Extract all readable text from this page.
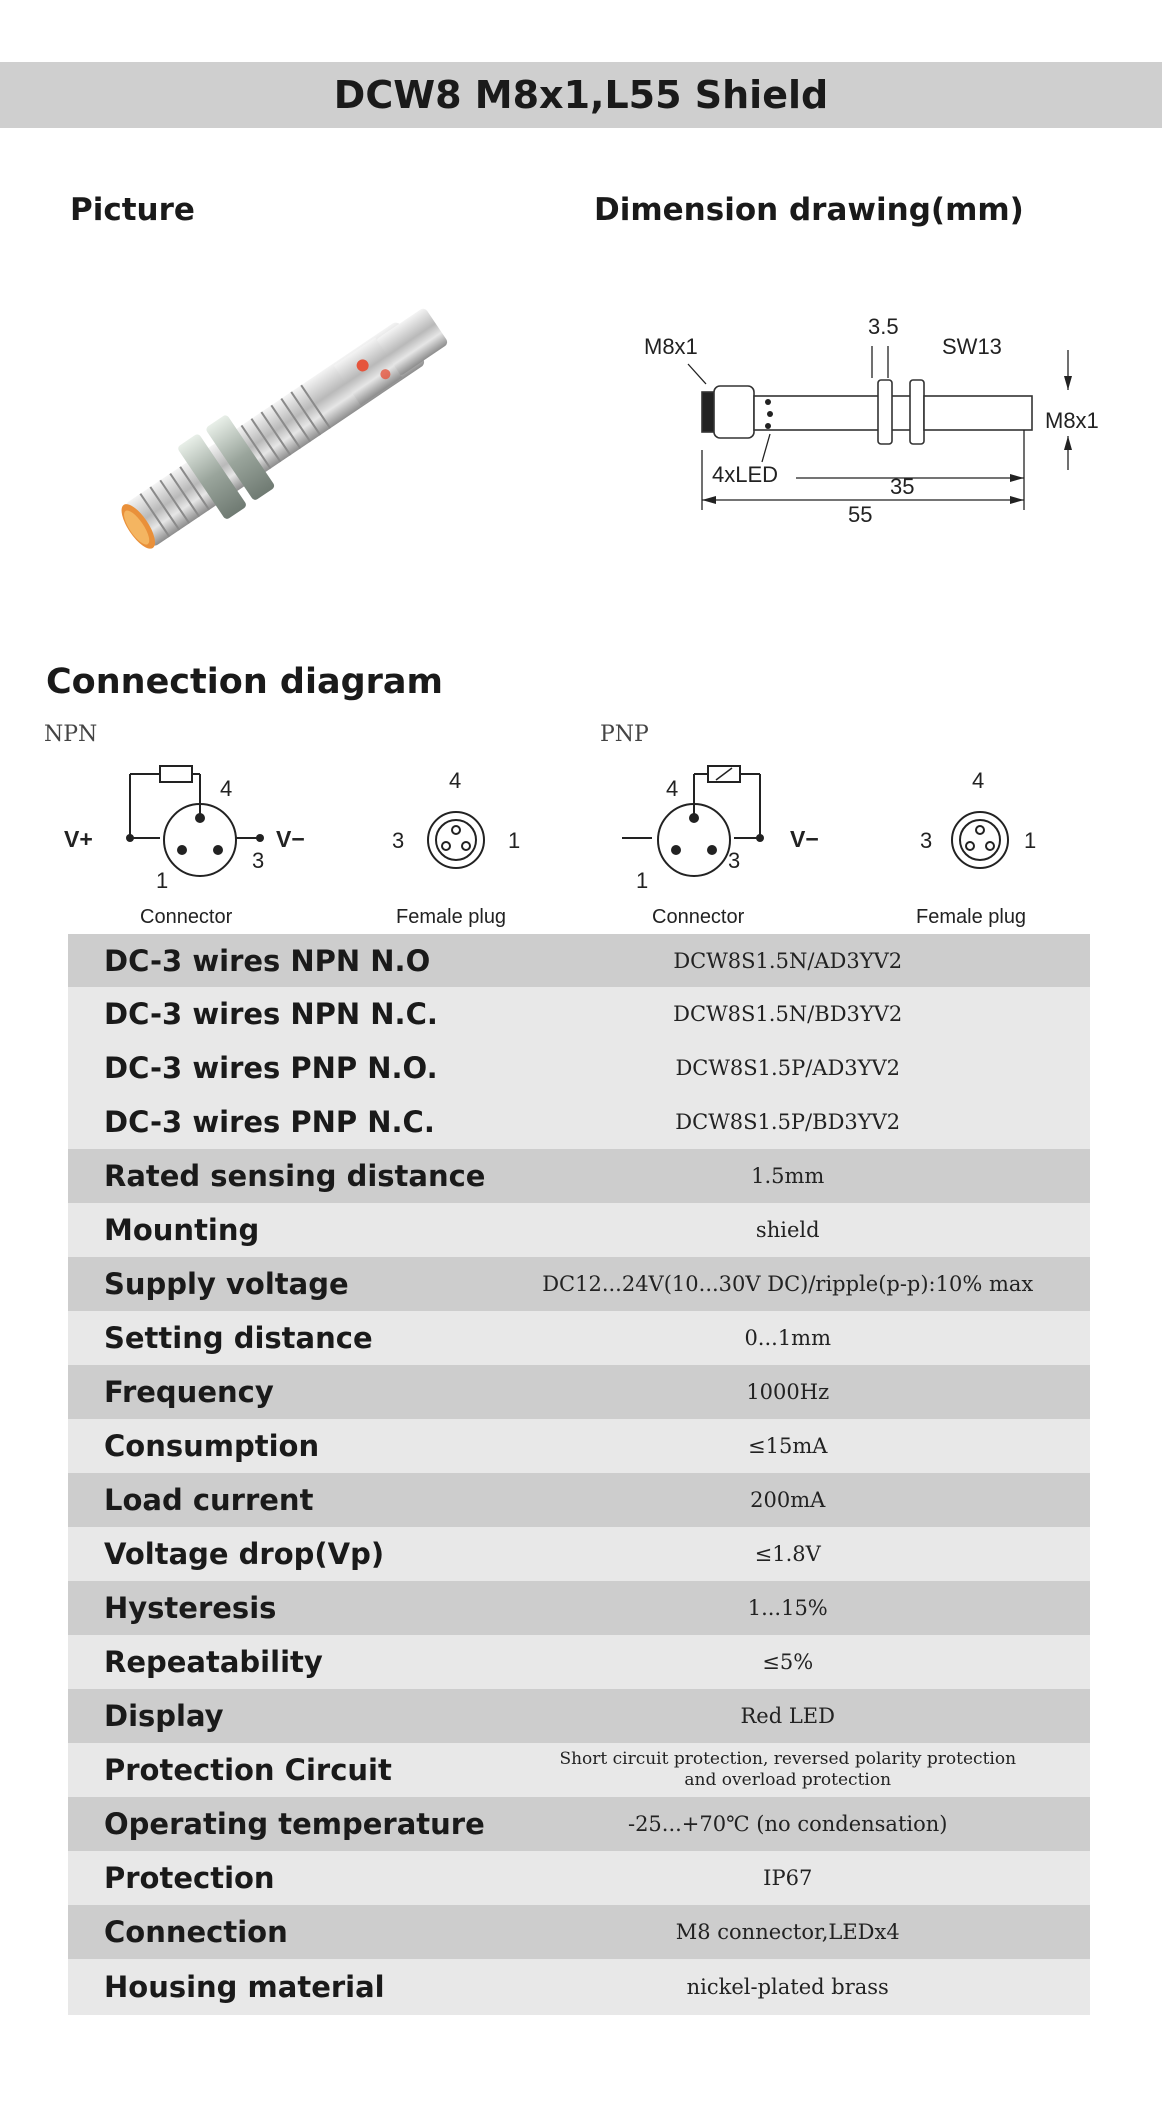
DCW8 M8x1,L55 Shield
Picture	Dimension drawing(mm)
M8x1
3.5
SW13
M8x1
4xLED	35
55
Connection diagram
NPN	PNP
V+	V−
4
1
3
Connector
4
3	1
Female plug
V−
4
1
3
Connector
4
3	1
Female plug
DC-3 wires NPN N.O	DCW8S1.5N/AD3YV2
DC-3 wires NPN N.C.	DCW8S1.5N/BD3YV2
DC-3 wires PNP N.O.	DCW8S1.5P/AD3YV2
DC-3 wires PNP N.C.	DCW8S1.5P/BD3YV2
Rated sensing distance	1.5mm
Mounting	shield
Supply voltage	DC12...24V(10...30V DC)/ripple(p-p):10% max
Setting distance	0...1mm
Frequency	1000Hz
Consumption	≤15mA
Load current	200mA
Voltage drop(Vp)	≤1.8V
Hysteresis	1...15%
Repeatability	≤5%
Display	Red LED
Protection Circuit	Short circuit protection, reversed polarity protection
and overload protection

Operating temperature	-25...+70℃ (no condensation)
Protection	IP67
Connection	M8 connector,LEDx4
Housing material	nickel-plated brass
